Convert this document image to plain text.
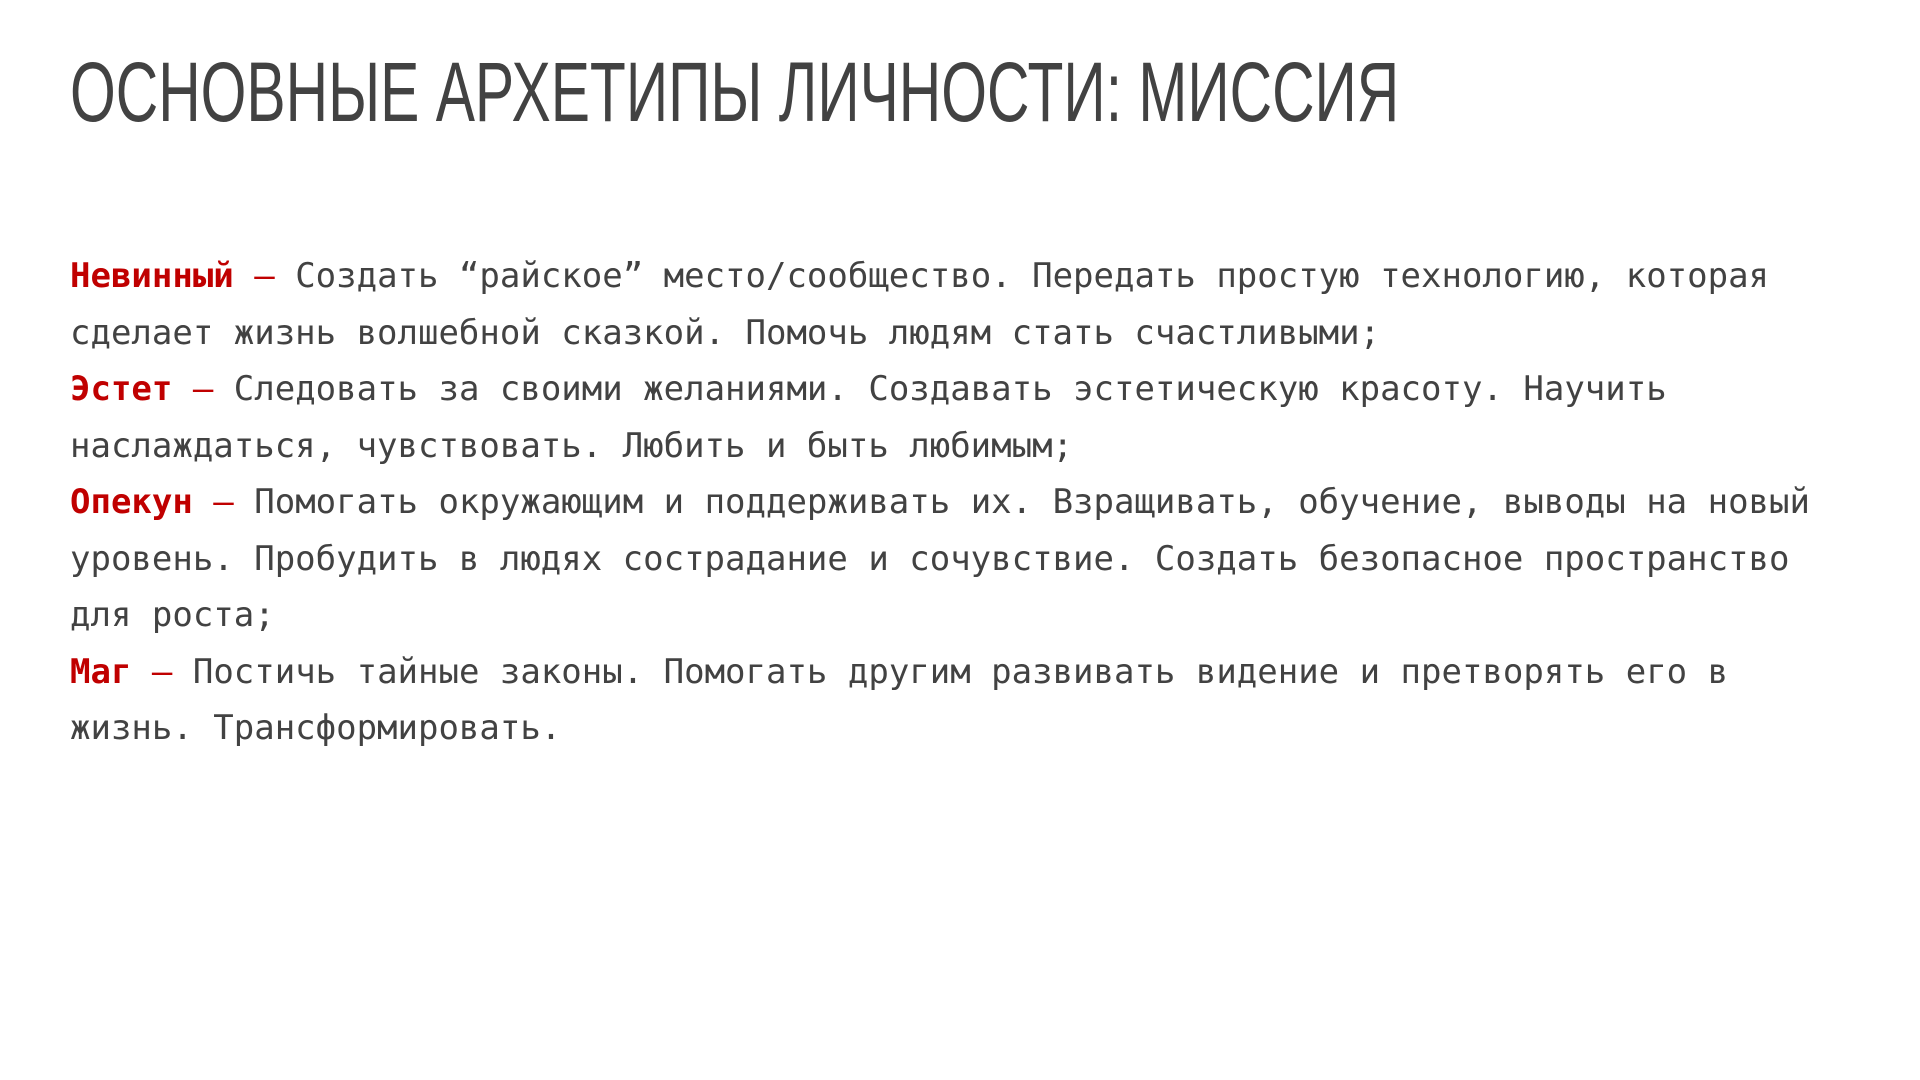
ОСНОВНЫЕ АРХЕТИПЫ ЛИЧНОСТИ: МИССИЯ

Невинный – Создать “райское” место/сообщество. Передать простую технологию, которая сделает жизнь волшебной сказкой. Помочь людям стать счастливыми;

Эстет – Следовать за своими желаниями. Создавать эстетическую красоту. Научить наслаждаться, чувствовать. Любить и быть любимым;

Опекун – Помогать окружающим и поддерживать их. Взращивать, обучение, выводы на новый уровень. Пробудить в людях сострадание и сочувствие. Создать безопасное пространство для роста;

Маг – Постичь тайные законы. Помогать другим развивать видение и претворять его в жизнь. Трансформировать.
